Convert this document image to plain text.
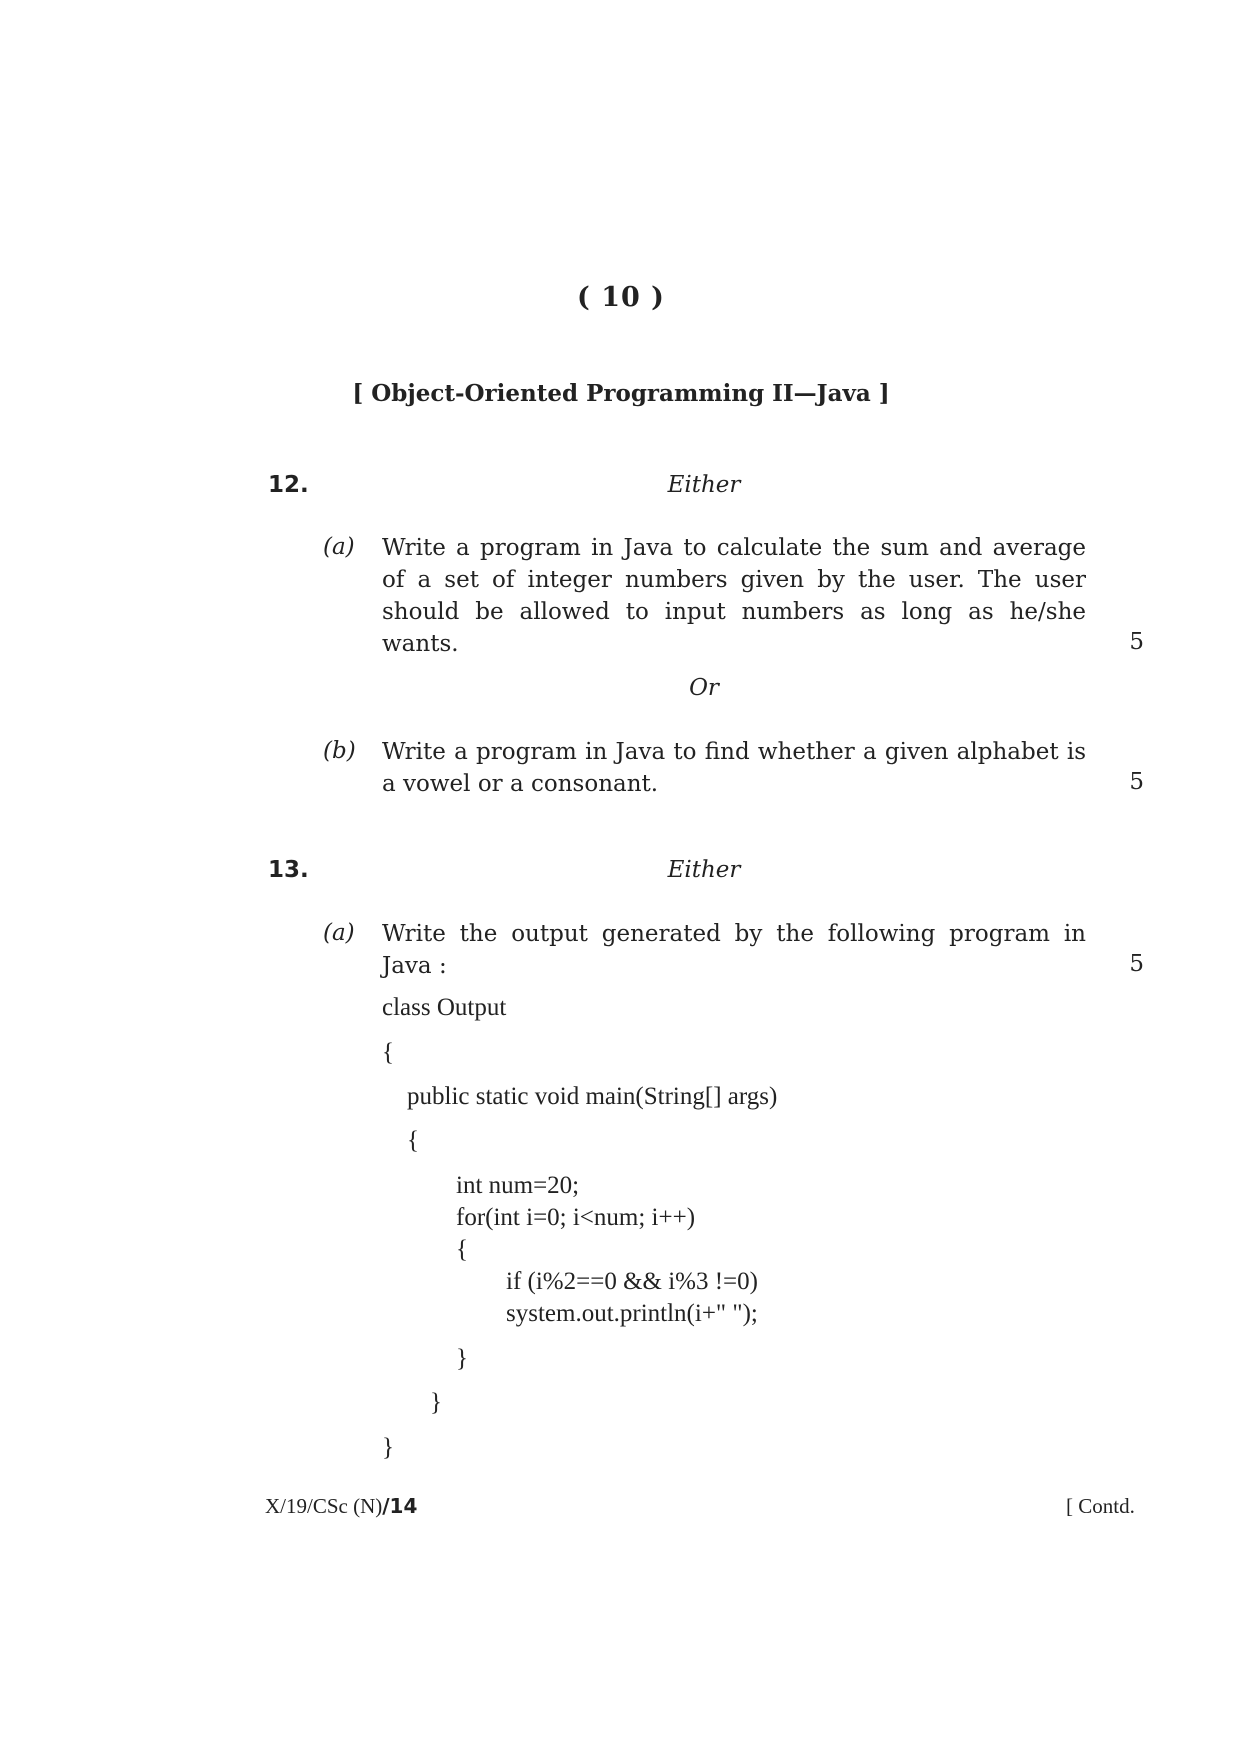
( 10 )
[ Object-Oriented Programming II—Java ]
12.	Either
(a) Write a program in Java to calculate the sum and average of a set of integer numbers given by the user. The user should be allowed to input numbers as long as he/she wants.	5
Or
(b) Write a program in Java to find whether a given alphabet is a vowel or a consonant.	5
13.	Either
(a) Write the output generated by the following program in Java :	5
class Output
{
public static void main(String[] args)
{
int num=20;
for(int i=0; i<num; i++)
{
if (i%2==0 && i%3 !=0)
system.out.println(i+" ");
}
}
}
X/19/CSc (N)/14	[ Contd.
